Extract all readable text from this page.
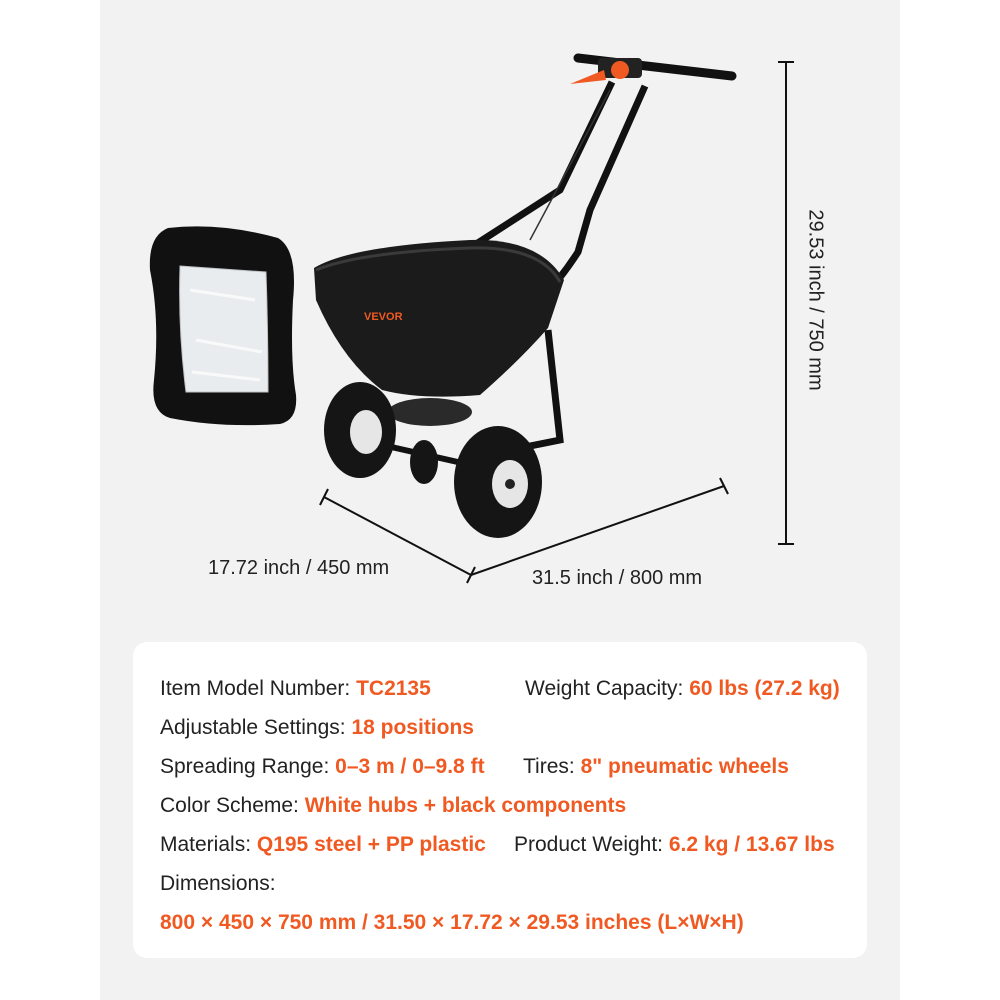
VEVOR
17.72 inch / 450 mm	31.5 inch / 800 mm
29.53 inch / 750 mm
Item Model Number: TC2135	Weight Capacity: 60 lbs (27.2 kg)
Adjustable Settings: 18 positions
Spreading Range: 0–3 m / 0–9.8 ft Tires: 8" pneumatic wheels
Color Scheme: White hubs + black components
Materials: Q195 steel + PP plastic Product Weight: 6.2 kg / 13.67 lbs
Dimensions:
800 × 450 × 750 mm / 31.50 × 17.72 × 29.53 inches (L×W×H)
